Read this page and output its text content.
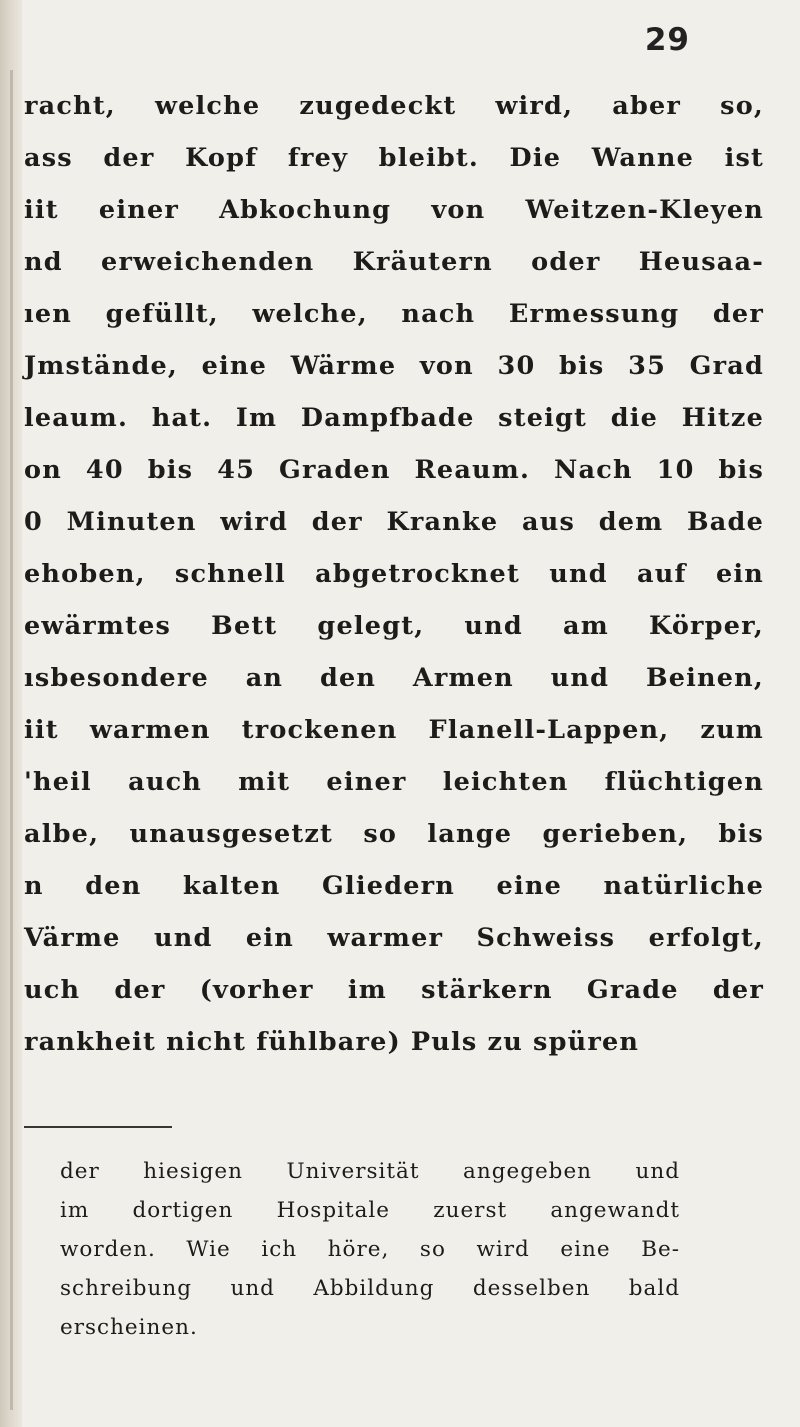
29
racht, welche zugedeckt wird, aber so,
ass der Kopf frey bleibt. Die Wanne ist
iit einer Abkochung von Weitzen-Kleyen
nd erweichenden Kräutern oder Heusaa-
ıen gefüllt, welche, nach Ermessung der
Jmstände, eine Wärme von 30 bis 35 Grad
leaum. hat. Im Dampfbade steigt die Hitze
on 40 bis 45 Graden Reaum. Nach 10 bis
0 Minuten wird der Kranke aus dem Bade
ehoben, schnell abgetrocknet und auf ein
ewärmtes Bett gelegt, und am Körper,
ısbesondere an den Armen und Beinen,
iit warmen trockenen Flanell-Lappen, zum
'heil auch mit einer leichten flüchtigen
albe, unausgesetzt so lange gerieben, bis
n den kalten Gliedern eine natürliche
Värme und ein warmer Schweiss erfolgt,
uch der (vorher im stärkern Grade der
rankheit nicht fühlbare) Puls zu spüren
der hiesigen Universität angegeben und
im dortigen Hospitale zuerst angewandt
worden. Wie ich höre, so wird eine Be-
schreibung und Abbildung desselben bald
erscheinen.
